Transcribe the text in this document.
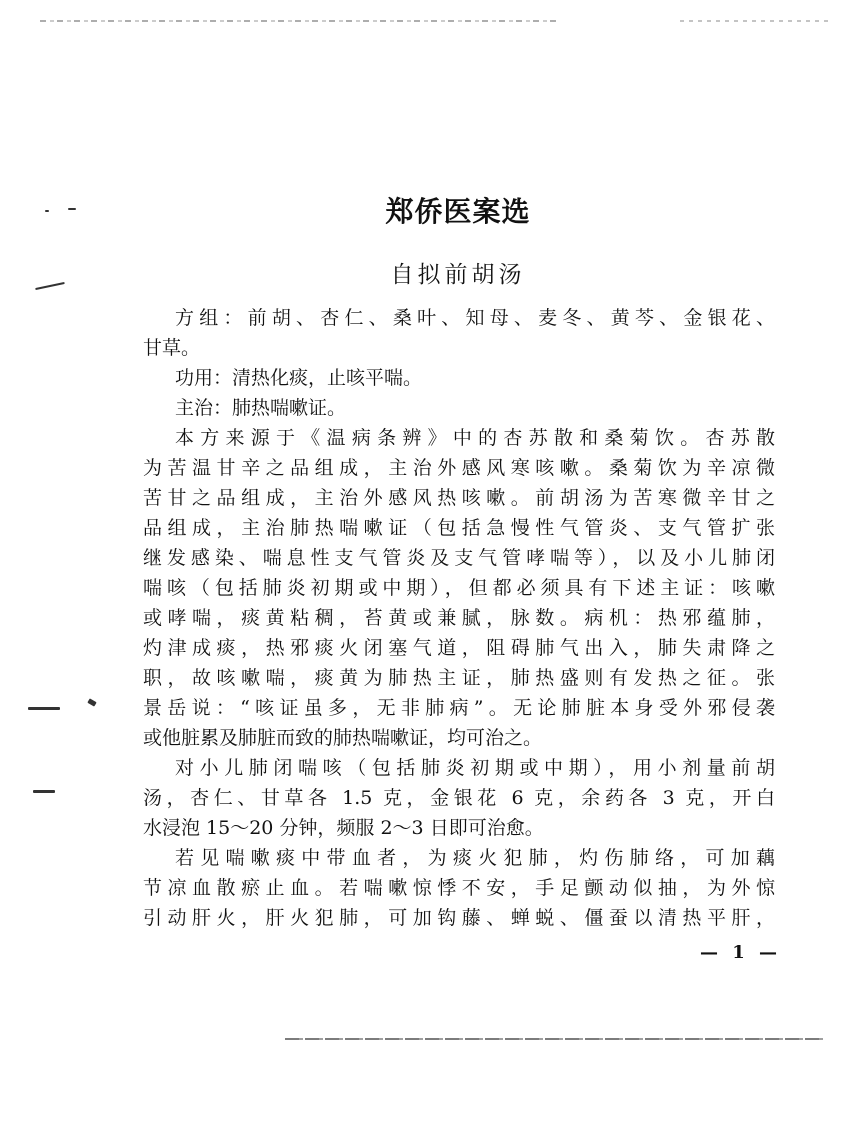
郑侨医案选
自拟前胡汤
方组：前胡、杏仁、桑叶、知母、麦冬、黄芩、金银花、
甘草。
功用：清热化痰，止咳平喘。
主治：肺热喘嗽证。
本方来源于《温病条辨》中的杏苏散和桑菊饮。杏苏散
为苦温甘辛之品组成，主治外感风寒咳嗽。桑菊饮为辛凉微
苦甘之品组成，主治外感风热咳嗽。前胡汤为苦寒微辛甘之
品组成，主治肺热喘嗽证（包括急慢性气管炎、支气管扩张
继发感染、喘息性支气管炎及支气管哮喘等），以及小儿肺闭
喘咳（包括肺炎初期或中期），但都必须具有下述主证：咳嗽
或哮喘，痰黄粘稠，苔黄或兼腻，脉数。病机：热邪蕴肺，
灼津成痰，热邪痰火闭塞气道，阻碍肺气出入，肺失肃降之
职，故咳嗽喘，痰黄为肺热主证，肺热盛则有发热之征。张
景岳说：“咳证虽多，无非肺病”。无论肺脏本身受外邪侵袭
或他脏累及肺脏而致的肺热喘嗽证，均可治之。
对小儿肺闭喘咳（包括肺炎初期或中期），用小剂量前胡
汤，杏仁、甘草各 1.5 克，金银花 6 克，余药各 3 克，开白
水浸泡 15～20 分钟，频服 2～3 日即可治愈。
若见喘嗽痰中带血者，为痰火犯肺，灼伤肺络，可加藕
节凉血散瘀止血。若喘嗽惊悸不安，手足颤动似抽，为外惊
引动肝火，肝火犯肺，可加钩藤、蝉蜕、僵蚕以清热平肝，
— 1 —
